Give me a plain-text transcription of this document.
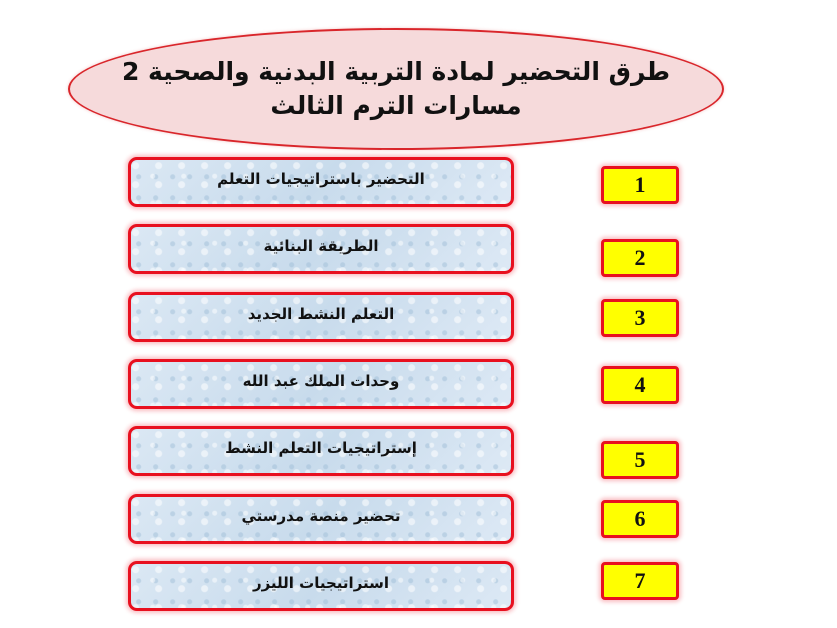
طرق التحضير لمادة التربية البدنية والصحية 2
مسارات الترم الثالث
التحضير باستراتيجيات التعلم	1
الطريقة البنائية	2
التعلم النشط الجديد	3
وحدات الملك عبد الله	4
إستراتيجيات التعلم النشط	5
تحضير منصة مدرستي	6
استراتيجيات الليزر	7
